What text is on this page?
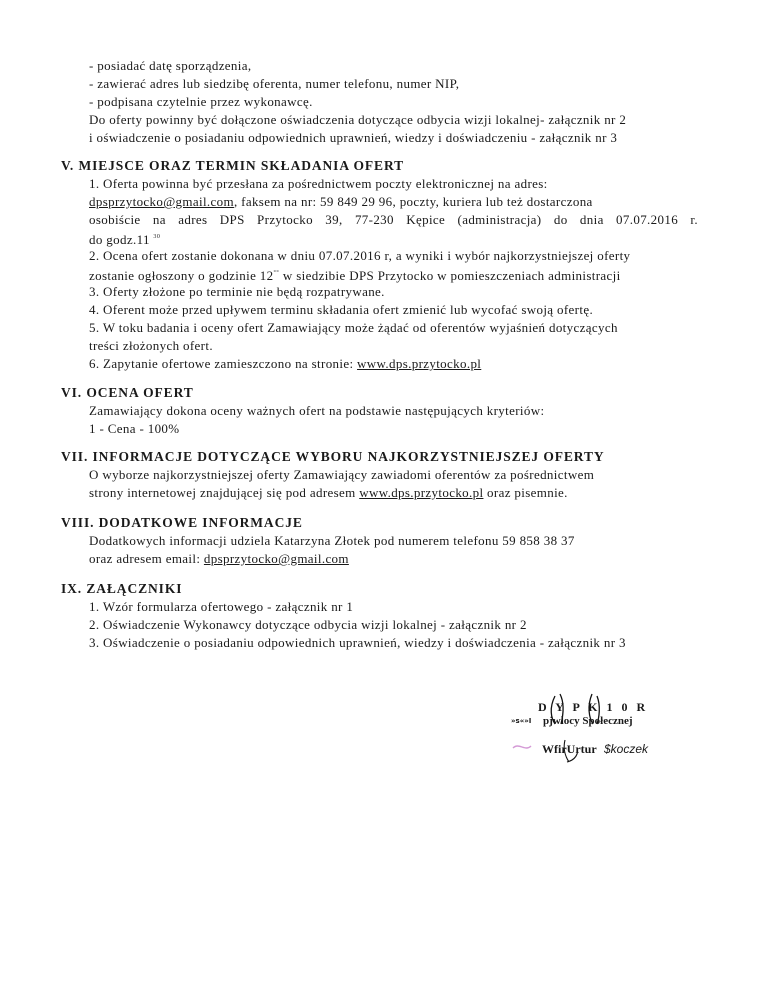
- posiadać datę sporządzenia,
- zawierać adres lub siedzibę oferenta, numer telefonu, numer NIP,
- podpisana czytelnie przez wykonawcę.
Do oferty powinny być dołączone oświadczenia dotyczące odbycia wizji lokalnej- załącznik nr 2
i oświadczenie o posiadaniu odpowiednich uprawnień, wiedzy i doświadczeniu - załącznik nr 3
V. MIEJSCE ORAZ TERMIN SKŁADANIA OFERT
1. Oferta powinna być przesłana za pośrednictwem poczty elektronicznej na adres:
dpsprzytocko@gmail.com, faksem na nr: 59 849 29 96, poczty, kuriera lub też dostarczona
osobiście na adres DPS Przytocko 39, 77-230 Kępice (administracja) do dnia 07.07.2016 r.
do godz.11 $^{30}$
2. Ocena ofert zostanie dokonana w dniu 07.07.2016 r, a wyniki i wybór najkorzystniejszej oferty
zostanie ogłoszony o godzinie 12°° w siedzibie DPS Przytocko w pomieszczeniach administracji
3. Oferty złożone po terminie nie będą rozpatrywane.
4. Oferent może przed upływem terminu składania ofert zmienić lub wycofać swoją ofertę.
5. W toku badania i oceny ofert Zamawiający może żądać od oferentów wyjaśnień dotyczących
treści złożonych ofert.
6. Zapytanie ofertowe zamieszczono na stronie: www.dps.przytocko.pl
VI. OCENA OFERT
Zamawiający dokona oceny ważnych ofert na podstawie następujących kryteriów:
1 - Cena - 100%
VII. INFORMACJE DOTYCZĄCE WYBORU NAJKORZYSTNIEJSZEJ OFERTY
O wyborze najkorzystniejszej oferty Zamawiający zawiadomi oferentów za pośrednictwem
strony internetowej znajdującej się pod adresem www.dps.przytocko.pl oraz pisemnie.
VIII. DODATKOWE INFORMACJE
Dodatkowych informacji udziela Katarzyna Złotek pod numerem telefonu 59 858 38 37
oraz adresem email: dpsprzytocko@gmail.com
IX. ZAŁĄCZNIKI
1. Wzór formularza ofertowego - załącznik nr 1
2. Oświadczenie Wykonawcy dotyczące odbycia wizji lokalnej - załącznik nr 2
3. Oświadczenie o posiadaniu odpowiednich uprawnień, wiedzy i doświadczenia - załącznik nr 3
D Y P K 1 0 R
»s«»I pjwlocy Społecznej
WfirUrtur $koczek
